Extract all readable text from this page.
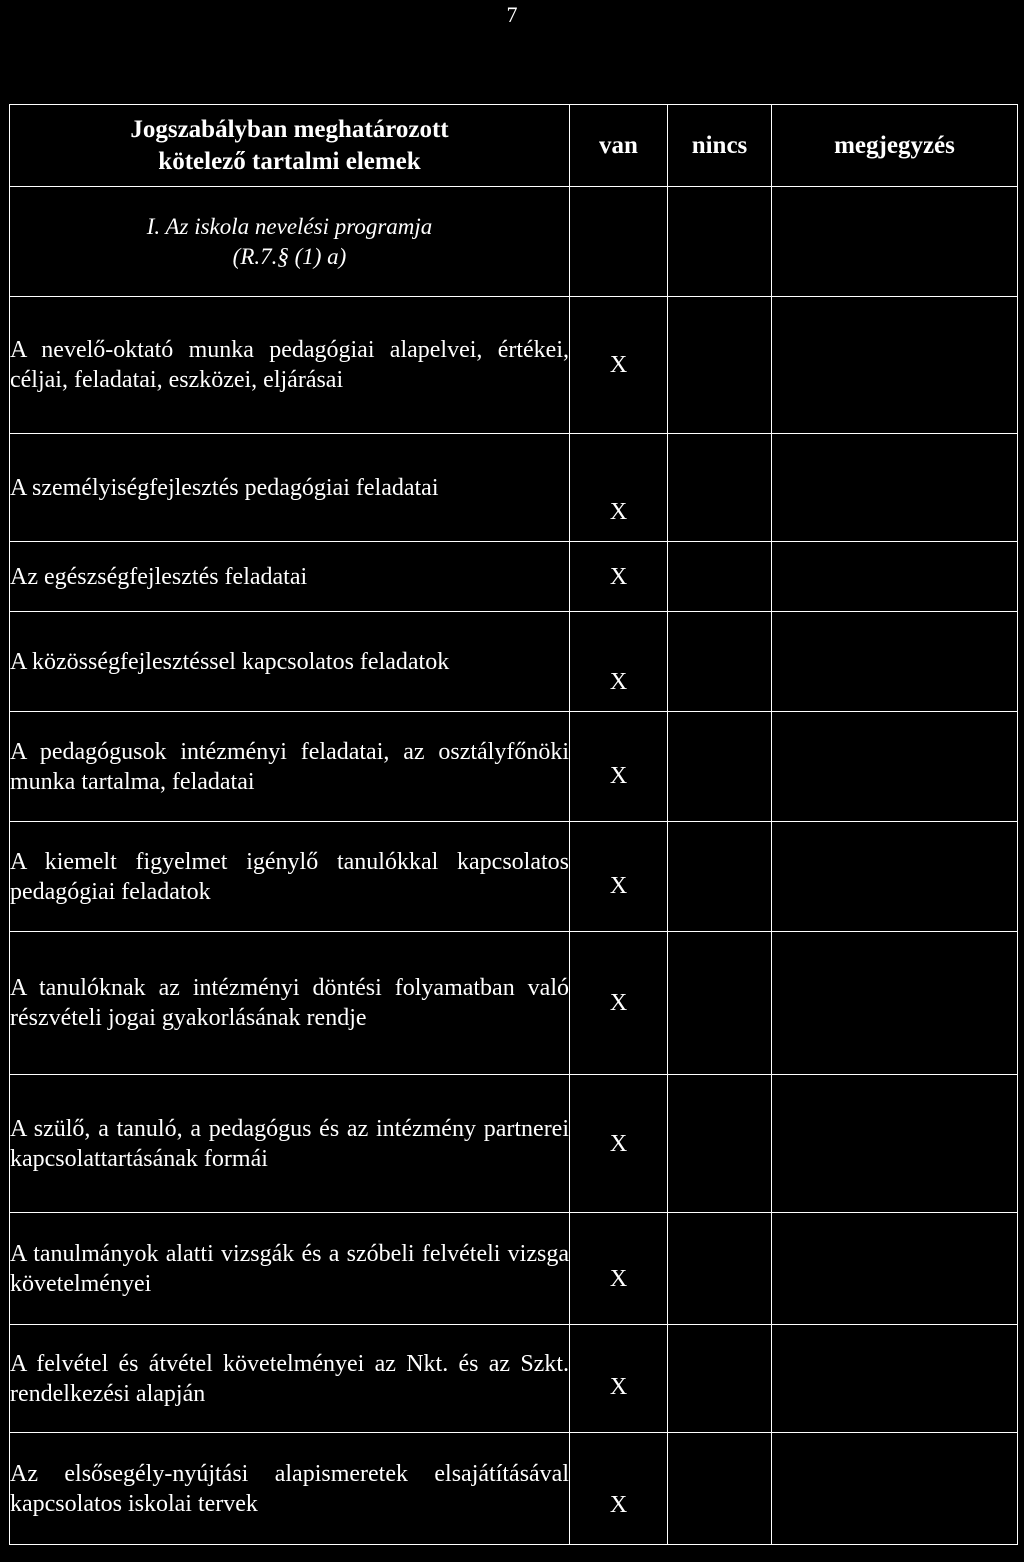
7
Jogszabályban meghatározott
kötelező tartalmi elemek	van	nincs	megjegyzés

I. Az iskola nevelési programja
(R.7.§ (1) a)			

A nevelő-oktató munka pedagógiai alapelvei, értékei, céljai, feladatai, eszközei, eljárásai	X		
A személyiségfejlesztés pedagógiai feladatai	X		
Az egészségfejlesztés feladatai	X		
A közösségfejlesztéssel kapcsolatos feladatok	X		
A pedagógusok intézményi feladatai, az osztályfőnöki munka tartalma, feladatai	X		
A kiemelt figyelmet igénylő tanulókkal kapcsolatos pedagógiai feladatok	X		
A tanulóknak az intézményi döntési folyamatban való részvételi jogai gyakorlásának rendje	X		
A szülő, a tanuló, a pedagógus és az intézmény partnerei kapcsolattartásának formái	X		
A tanulmányok alatti vizsgák és a szóbeli felvételi vizsga követelményei	X		
A felvétel és átvétel követelményei az Nkt. és az Szkt. rendelkezési alapján	X		
Az elsősegély-nyújtási alapismeretek elsajátításával kapcsolatos iskolai tervek	X		
